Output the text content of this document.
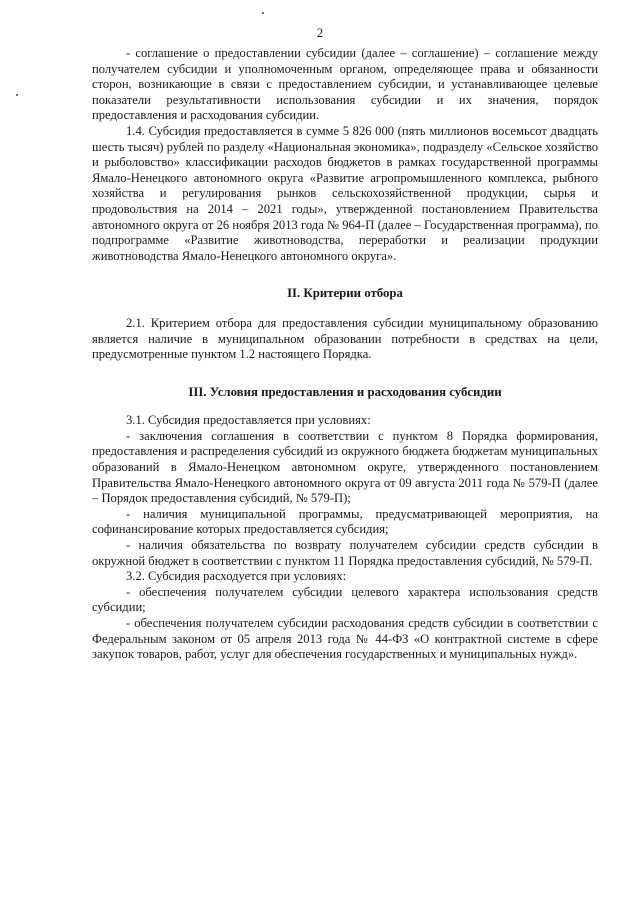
2

- соглашение о предоставлении субсидии (далее – соглашение) – соглашение между получателем субсидии и уполномоченным органом, определяющее права и обязанности сторон, возникающие в связи с предоставлением субсидии, и устанавливающее целевые показатели результативности использования субсидии и их значения, порядок предоставления и расходования субсидии.

1.4. Субсидия предоставляется в сумме 5 826 000 (пять миллионов восемьсот двадцать шесть тысяч) рублей по разделу «Национальная экономика», подразделу «Сельское хозяйство и рыболовство» классификации расходов бюджетов в рамках государственной программы Ямало-Ненецкого автономного округа «Развитие агропромышленного комплекса, рыбного хозяйства и регулирования рынков сельскохозяйственной продукции, сырья и продовольствия на 2014 – 2021 годы», утвержденной постановлением Правительства автономного округа от 26 ноября 2013 года № 964-П (далее – Государственная программа), по подпрограмме «Развитие животноводства, переработки и реализации продукции животноводства Ямало-Ненецкого автономного округа».

II. Критерии отбора

2.1. Критерием отбора для предоставления субсидии муниципальному образованию является наличие в муниципальном образовании потребности в средствах на цели, предусмотренные пунктом 1.2 настоящего Порядка.

III. Условия предоставления и расходования субсидии

3.1. Субсидия предоставляется при условиях:

- заключения соглашения в соответствии с пунктом 8 Порядка формирования, предоставления и распределения субсидий из окружного бюджета бюджетам муниципальных образований в Ямало-Ненецком автономном округе, утвержденного постановлением Правительства Ямало-Ненецкого автономного округа от 09 августа 2011 года № 579-П (далее – Порядок предоставления субсидий, № 579-П);

- наличия муниципальной программы, предусматривающей мероприятия, на софинансирование которых предоставляется субсидия;

- наличия обязательства по возврату получателем субсидии средств субсидии в окружной бюджет в соответствии с пунктом 11 Порядка предоставления субсидий, № 579-П.

3.2. Субсидия расходуется при условиях:

- обеспечения получателем субсидии целевого характера использования средств субсидии;

- обеспечения получателем субсидии расходования средств субсидии в соответствии с Федеральным законом от 05 апреля 2013 года № 44-ФЗ «О контрактной системе в сфере закупок товаров, работ, услуг для обеспечения государственных и муниципальных нужд».
